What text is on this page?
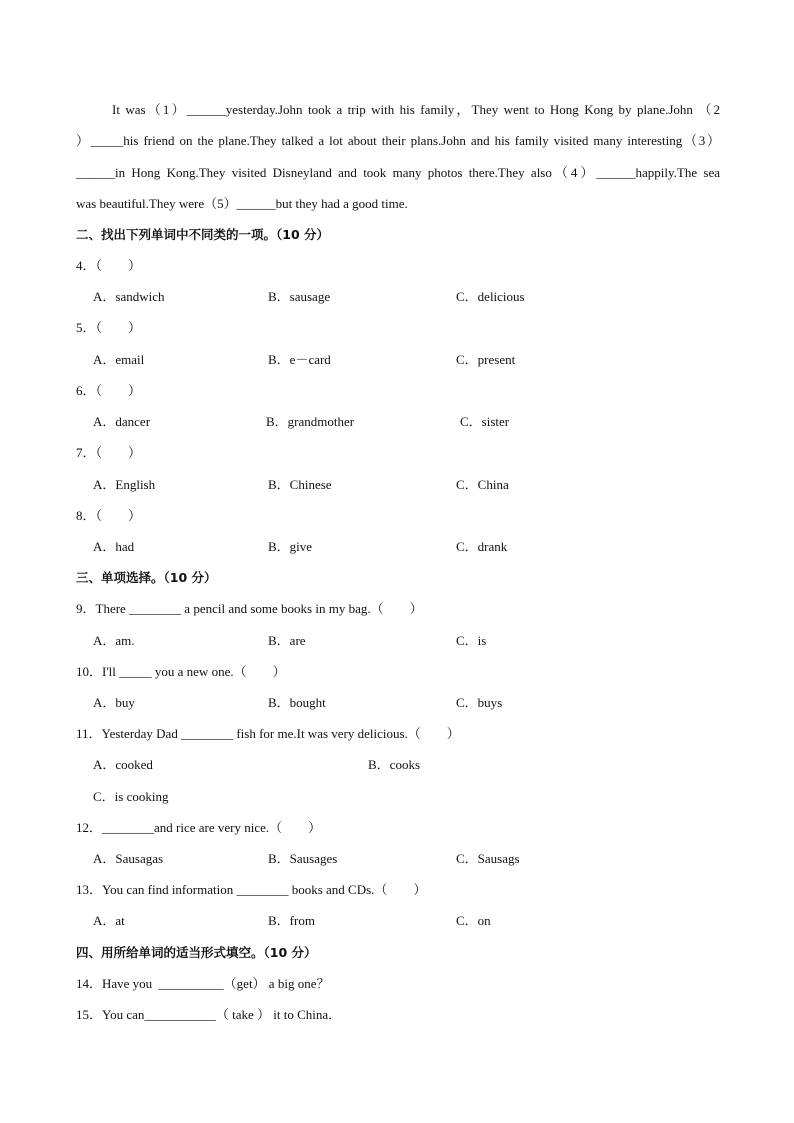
It was（1）______yesterday.John took a trip with his family，They went to Hong Kong by plane.John （2
）_____his friend on the plane.They talked a lot about their plans.John and his family visited many interesting（3）
______in Hong Kong.They visited Disneyland and took many photos there.They also（4）______happily.The sea
was beautiful.They were（5）______but they had a good time.
二、找出下列单词中不同类的一项。（10 分）
4．（　　）
A．sandwich	B．sausage	C．delicious
5．（　　）
A．email	B．e－card	C．present
6．（　　）
A．dancer	B．grandmother	C．sister
7．（　　）
A．English	B．Chinese	C．China
8．（　　）
A．had	B．give	C．drank
三、单项选择。（10 分）
9．There ________ a pencil and some books in my bag.（　　）
A．am.	B．are	C．is
10．I'll _____ you a new one.（　　）
A．buy	B．bought	C．buys
11．Yesterday Dad ________ fish for me.It was very delicious.（　　）
A．cooked	B．cooks
C．is cooking
12．________and rice are very nice.（　　）
A．Sausagas	B．Sausages	C．Sausags
13．You can find information ________ books and CDs.（　　）
A．at	B．from	C．on
四、用所给单词的适当形式填空。（10 分）
14．Have you  __________（get） a big one？
15．You can___________（ take ） it to China．
